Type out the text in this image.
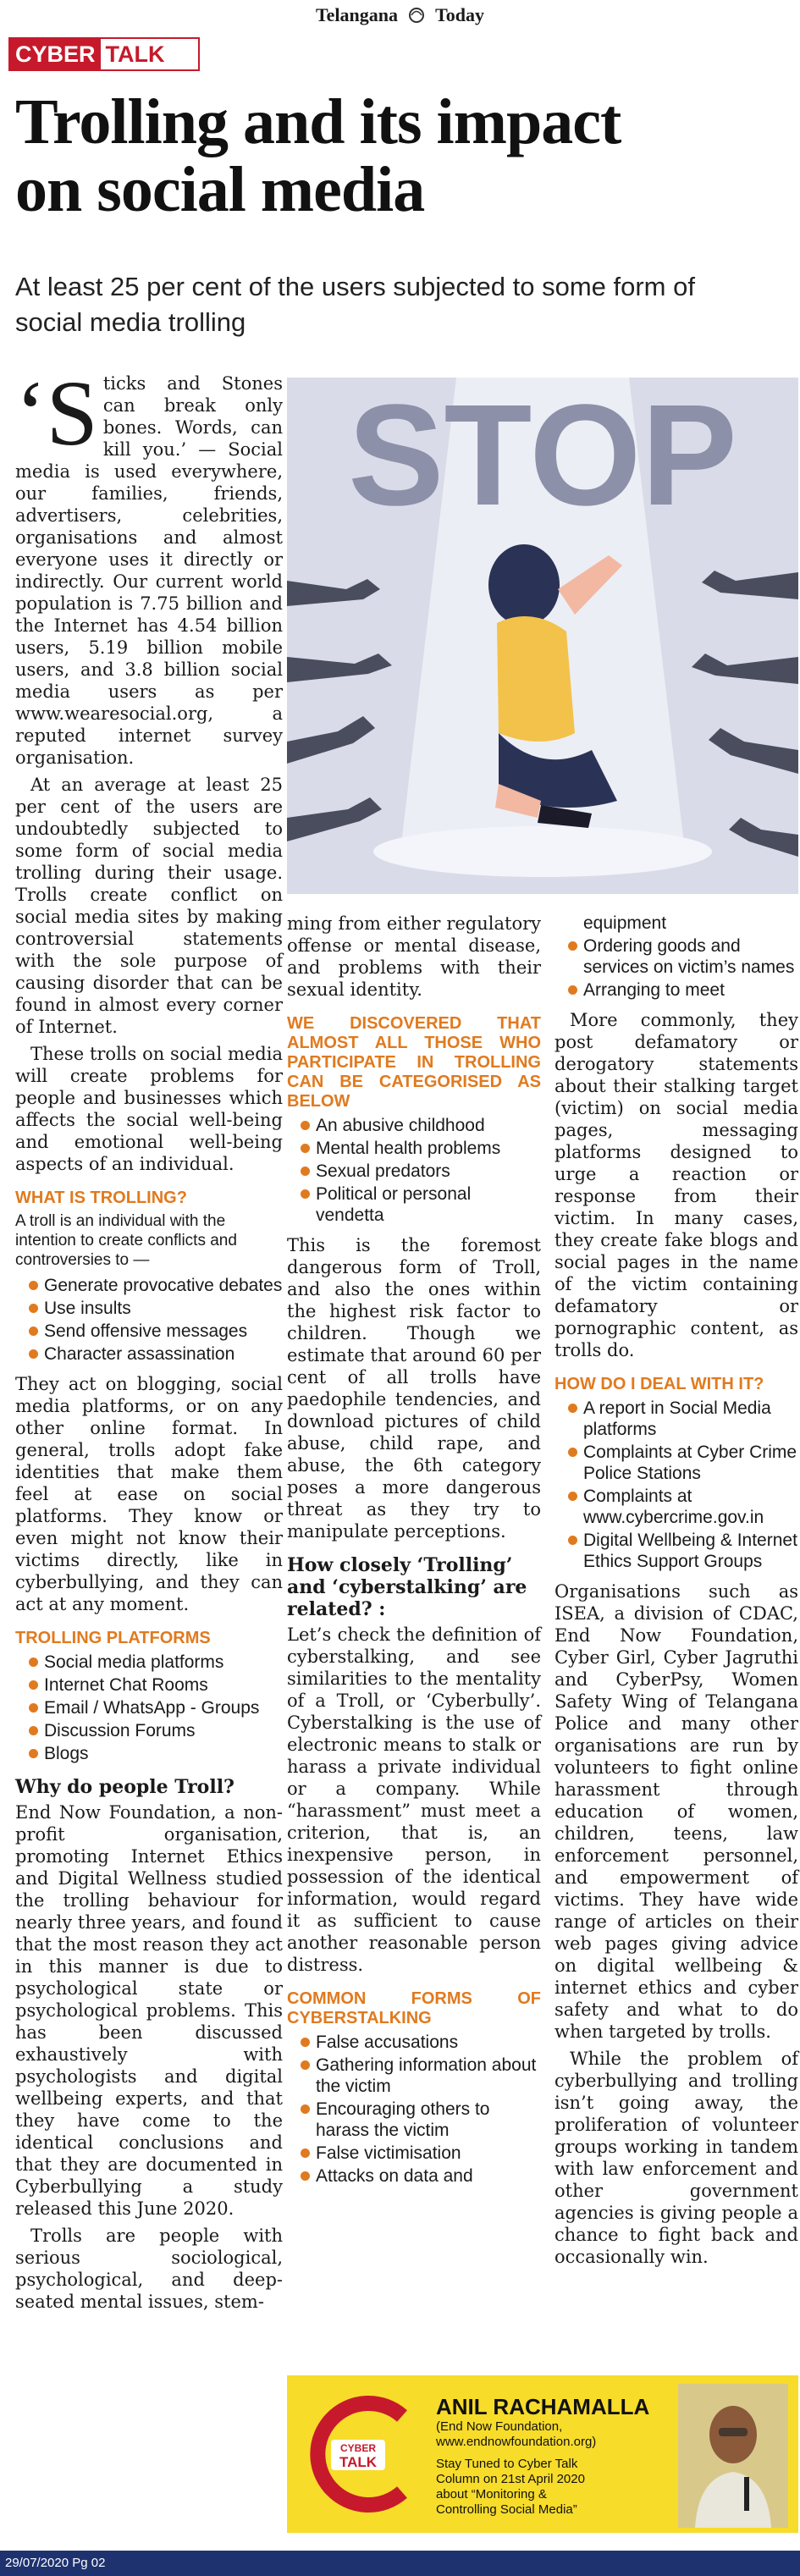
Telangana Today
CYBER TALK
Trolling and its impact
on social media
At least 25 per cent of the users subjected to some form of social media trolling

‘S ticks and Stones can break only bones. Words, can kill you.’ — Social media is used everywhere, our families, friends, advertisers, celebrities, organisations and almost everyone uses it directly or indirectly. Our current world population is 7.75 billion and the Internet has 4.54 billion users, 5.19 billion mobile users, and 3.8 billion social media users as per www.wearesocial.org, a reputed internet survey organisation.

At an average at least 25 per cent of the users are undoubtedly subjected to some form of social media trolling during their usage. Trolls create conflict on social media sites by making controversial statements with the sole purpose of causing disorder that can be found in almost every corner of Internet.

These trolls on social media will create problems for people and businesses which affects the social well-being and emotional well-being aspects of an individual.

WHAT IS TROLLING?
A troll is an individual with the intention to create conflicts and controversies to —
Generate provocative debates
Use insults
Send offensive messages
Character assassination

They act on blogging, social media platforms, or on any other online format. In general, trolls adopt fake identities that make them feel at ease on social platforms. They know or even might not know their victims directly, like in cyberbullying, and they can act at any moment.

TROLLING PLATFORMS
Social media platforms
Internet Chat Rooms
Email / WhatsApp - Groups
Discussion Forums
Blogs
Why do people Troll?

End Now Foundation, a non-profit organisation, promoting Internet Ethics and Digital Wellness studied the trolling behaviour for nearly three years, and found that the most reason they act in this manner is due to psychological state or psychological problems. This has been discussed exhaustively with psychologists and digital wellbeing experts, and that they have come to the identical conclusions and that they are documented in Cyberbullying a study released this June 2020.

Trolls are people with serious sociological, psychological, and deep-seated mental issues, stem-

STOP

ming from either regulatory offense or mental disease, and problems with their sexual identity.

WE DISCOVERED THAT ALMOST ALL THOSE WHO PARTICIPATE IN TROLLING CAN BE CATEGORISED AS BELOW
An abusive childhood
Mental health problems
Sexual predators
Political or personal vendetta

This is the foremost dangerous form of Troll, and also the ones within the highest risk factor to children. Though we estimate that around 60 per cent of all trolls have paedophile tendencies, and download pictures of child abuse, child rape, and abuse, the 6th category poses a more dangerous threat as they try to manipulate perceptions.

How closely ‘Trolling’ and ‘cyberstalking’ are related? :

Let’s check the definition of cyberstalking, and see similarities to the mentality of a Troll, or ‘Cyberbully’. Cyberstalking is the use of electronic means to stalk or harass a private individual or a company. While “harassment” must meet a criterion, that is, an inexpensive person, in possession of the identical information, would regard it as sufficient to cause another reasonable person distress.

COMMON FORMS OF CYBERSTALKING
False accusations
Gathering information about the victim
Encouraging others to harass the victim
False victimisation
Attacks on data and
equipment
Ordering goods and services on victim’s names
Arranging to meet

More commonly, they post defamatory or derogatory statements about their stalking target (victim) on social media pages, messaging platforms designed to urge a reaction or response from their victim. In many cases, they create fake blogs and social pages in the name of the victim containing defamatory or pornographic content, as trolls do.

HOW DO I DEAL WITH IT?
A report in Social Media platforms
Complaints at Cyber Crime Police Stations
Complaints at www.cybercrime.gov.in
Digital Wellbeing & Internet Ethics Support Groups

Organisations such as ISEA, a division of CDAC, End Now Foundation, Cyber Girl, Cyber Jagruthi and CyberPsy, Women Safety Wing of Telangana Police and many other organisations are run by volunteers to fight online harassment through education of women, children, teens, law enforcement personnel, and empowerment of victims. They have wide range of articles on their web pages giving advice on digital wellbeing & internet ethics and cyber safety and what to do when targeted by trolls.

While the problem of cyberbullying and trolling isn’t going away, the proliferation of volunteer groups working in tandem with law enforcement and other government agencies is giving people a chance to fight back and occasionally win.

CYBER
TALK
ANIL RACHAMALLA
(End Now Foundation,
www.endnowfoundation.org)
Stay Tuned to Cyber Talk
Column on 21st April 2020
about “Monitoring &
Controlling Social Media”
29/07/2020 Pg 02
